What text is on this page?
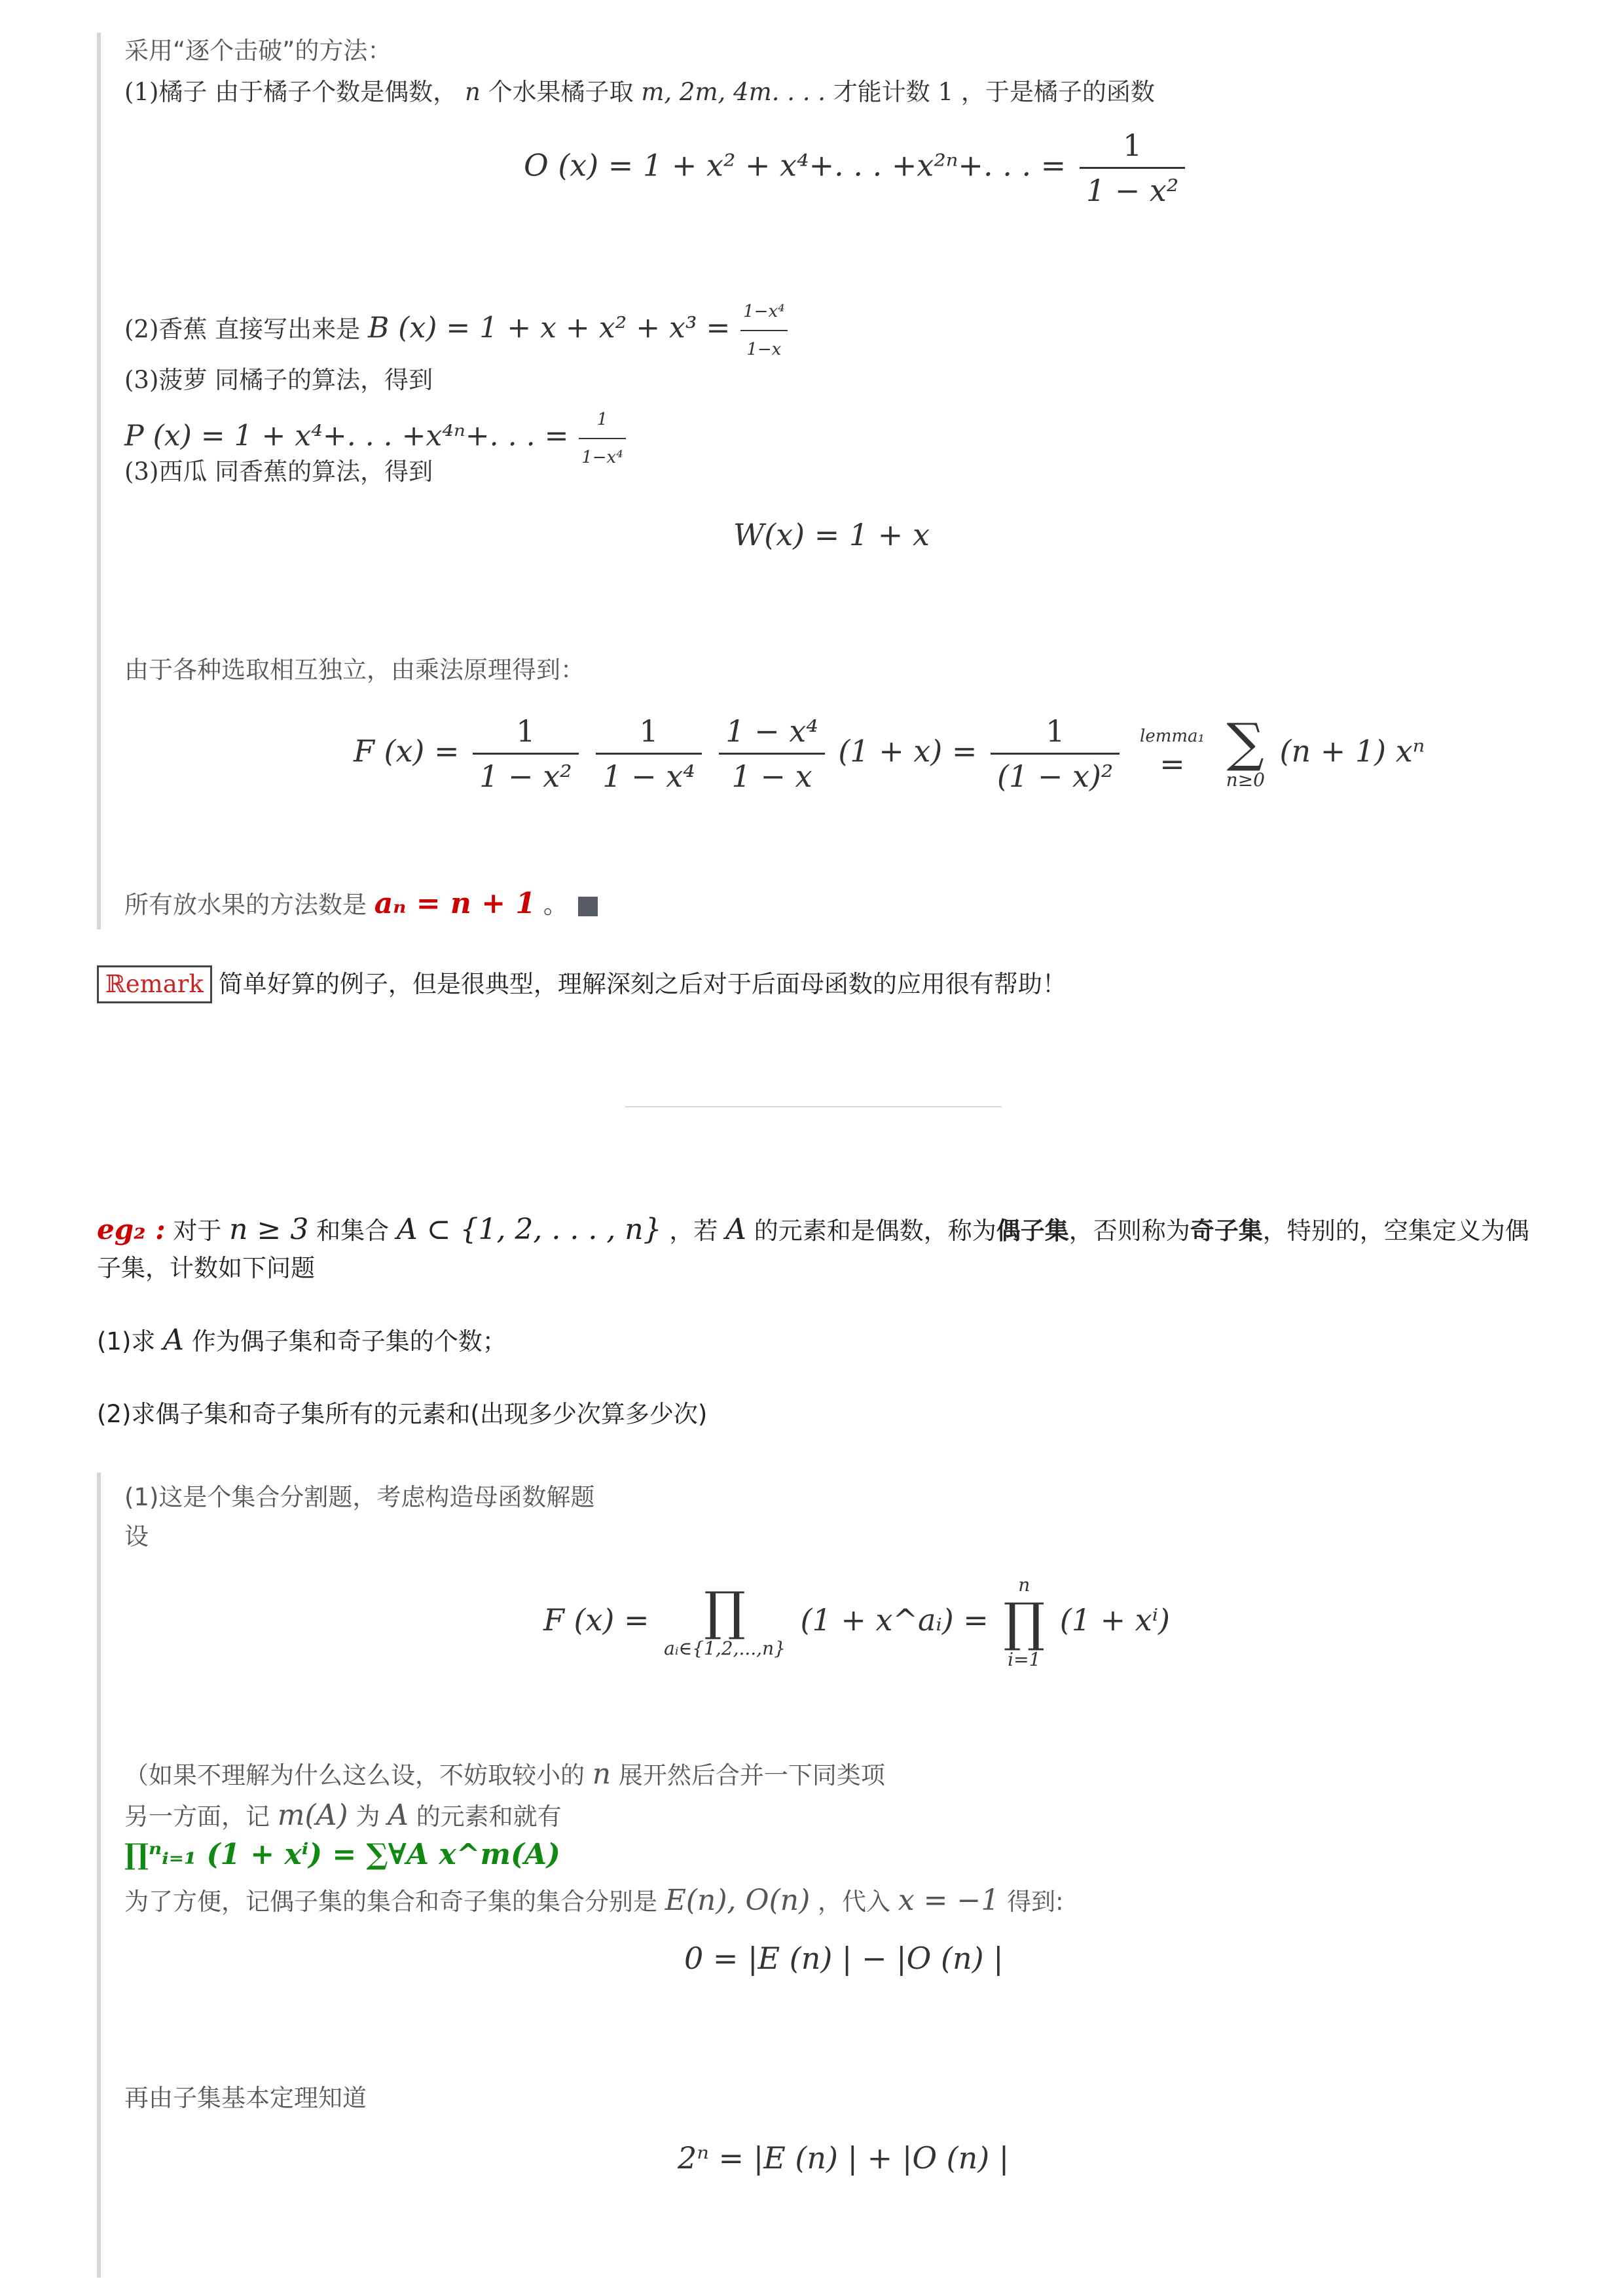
采用“逐个击破”的方法：
(1)橘子 由于橘子个数是偶数， n 个水果橘子取 m, 2m, 4m. . . . 才能计数 1 ，于是橘子的函数
O (x) = 1 + x² + x⁴+. . . +x²ⁿ+. . . = $\frac{1}{\text{1 − x²}}$
(2)香蕉 直接写出来是 B $(x) = 1 + x + x^2 + x^3 = \frac{\text{1−x⁴}}{1-x}$
(3)菠萝 同橘子的算法，得到
P (x) = 1 + x⁴+. . . +x⁴ⁿ+. . . = $\frac{1}{\text{1−x⁴}}$
(3)西瓜 同香蕉的算法，得到
W(x) = 1 + x
由于各种选取相互独立，由乘法原理得到：
F $(x) = \frac{1}{\text{1 − x²}}$
$\frac{1}{\text{1 − x⁴}}$
$\frac{\text{1 − x⁴}}{1 - x} (1 + x) = \frac{1}{\text{(1 − x)²}}$
lemma₁
=
∑
n≥0
(n + 1) xⁿ
所有放水果的方法数是 aₙ = n + 1 。
ℝemark 简单好算的例子，但是很典型，理解深刻之后对于后面母函数的应用很有帮助！
eg₂ : 对于 n ≥ 3 和集合 A ⊂ {1, 2, . . . , n} ，若 A 的元素和是偶数，称为偶子集，否则称为奇子集，特别的，空集定义为偶
子集，计数如下问题
(1)求 A 作为偶子集和奇子集的个数；
(2)求偶子集和奇子集所有的元素和(出现多少次算多少次)
(1)这是个集合分割题，考虑构造母函数解题
设
F (x) =	∏
aᵢ∈{1,2,...,n}
(1 + x^aᵢ) =
n
∏
i=1
(1 + xⁱ)
（如果不理解为什么这么设，不妨取较小的 n 展开然后合并一下同类项
另一方面，记 m(A) 为 A 的元素和就有
∏ⁿᵢ₌₁ (1 + xⁱ) = ∑∀A x^m(A)
为了方便，记偶子集的集合和奇子集的集合分别是 E(n), O(n) ，代入 x = −1 得到:
0 = |E (n) | − |O (n) |
再由子集基本定理知道
2ⁿ = |E (n) | + |O (n) |
